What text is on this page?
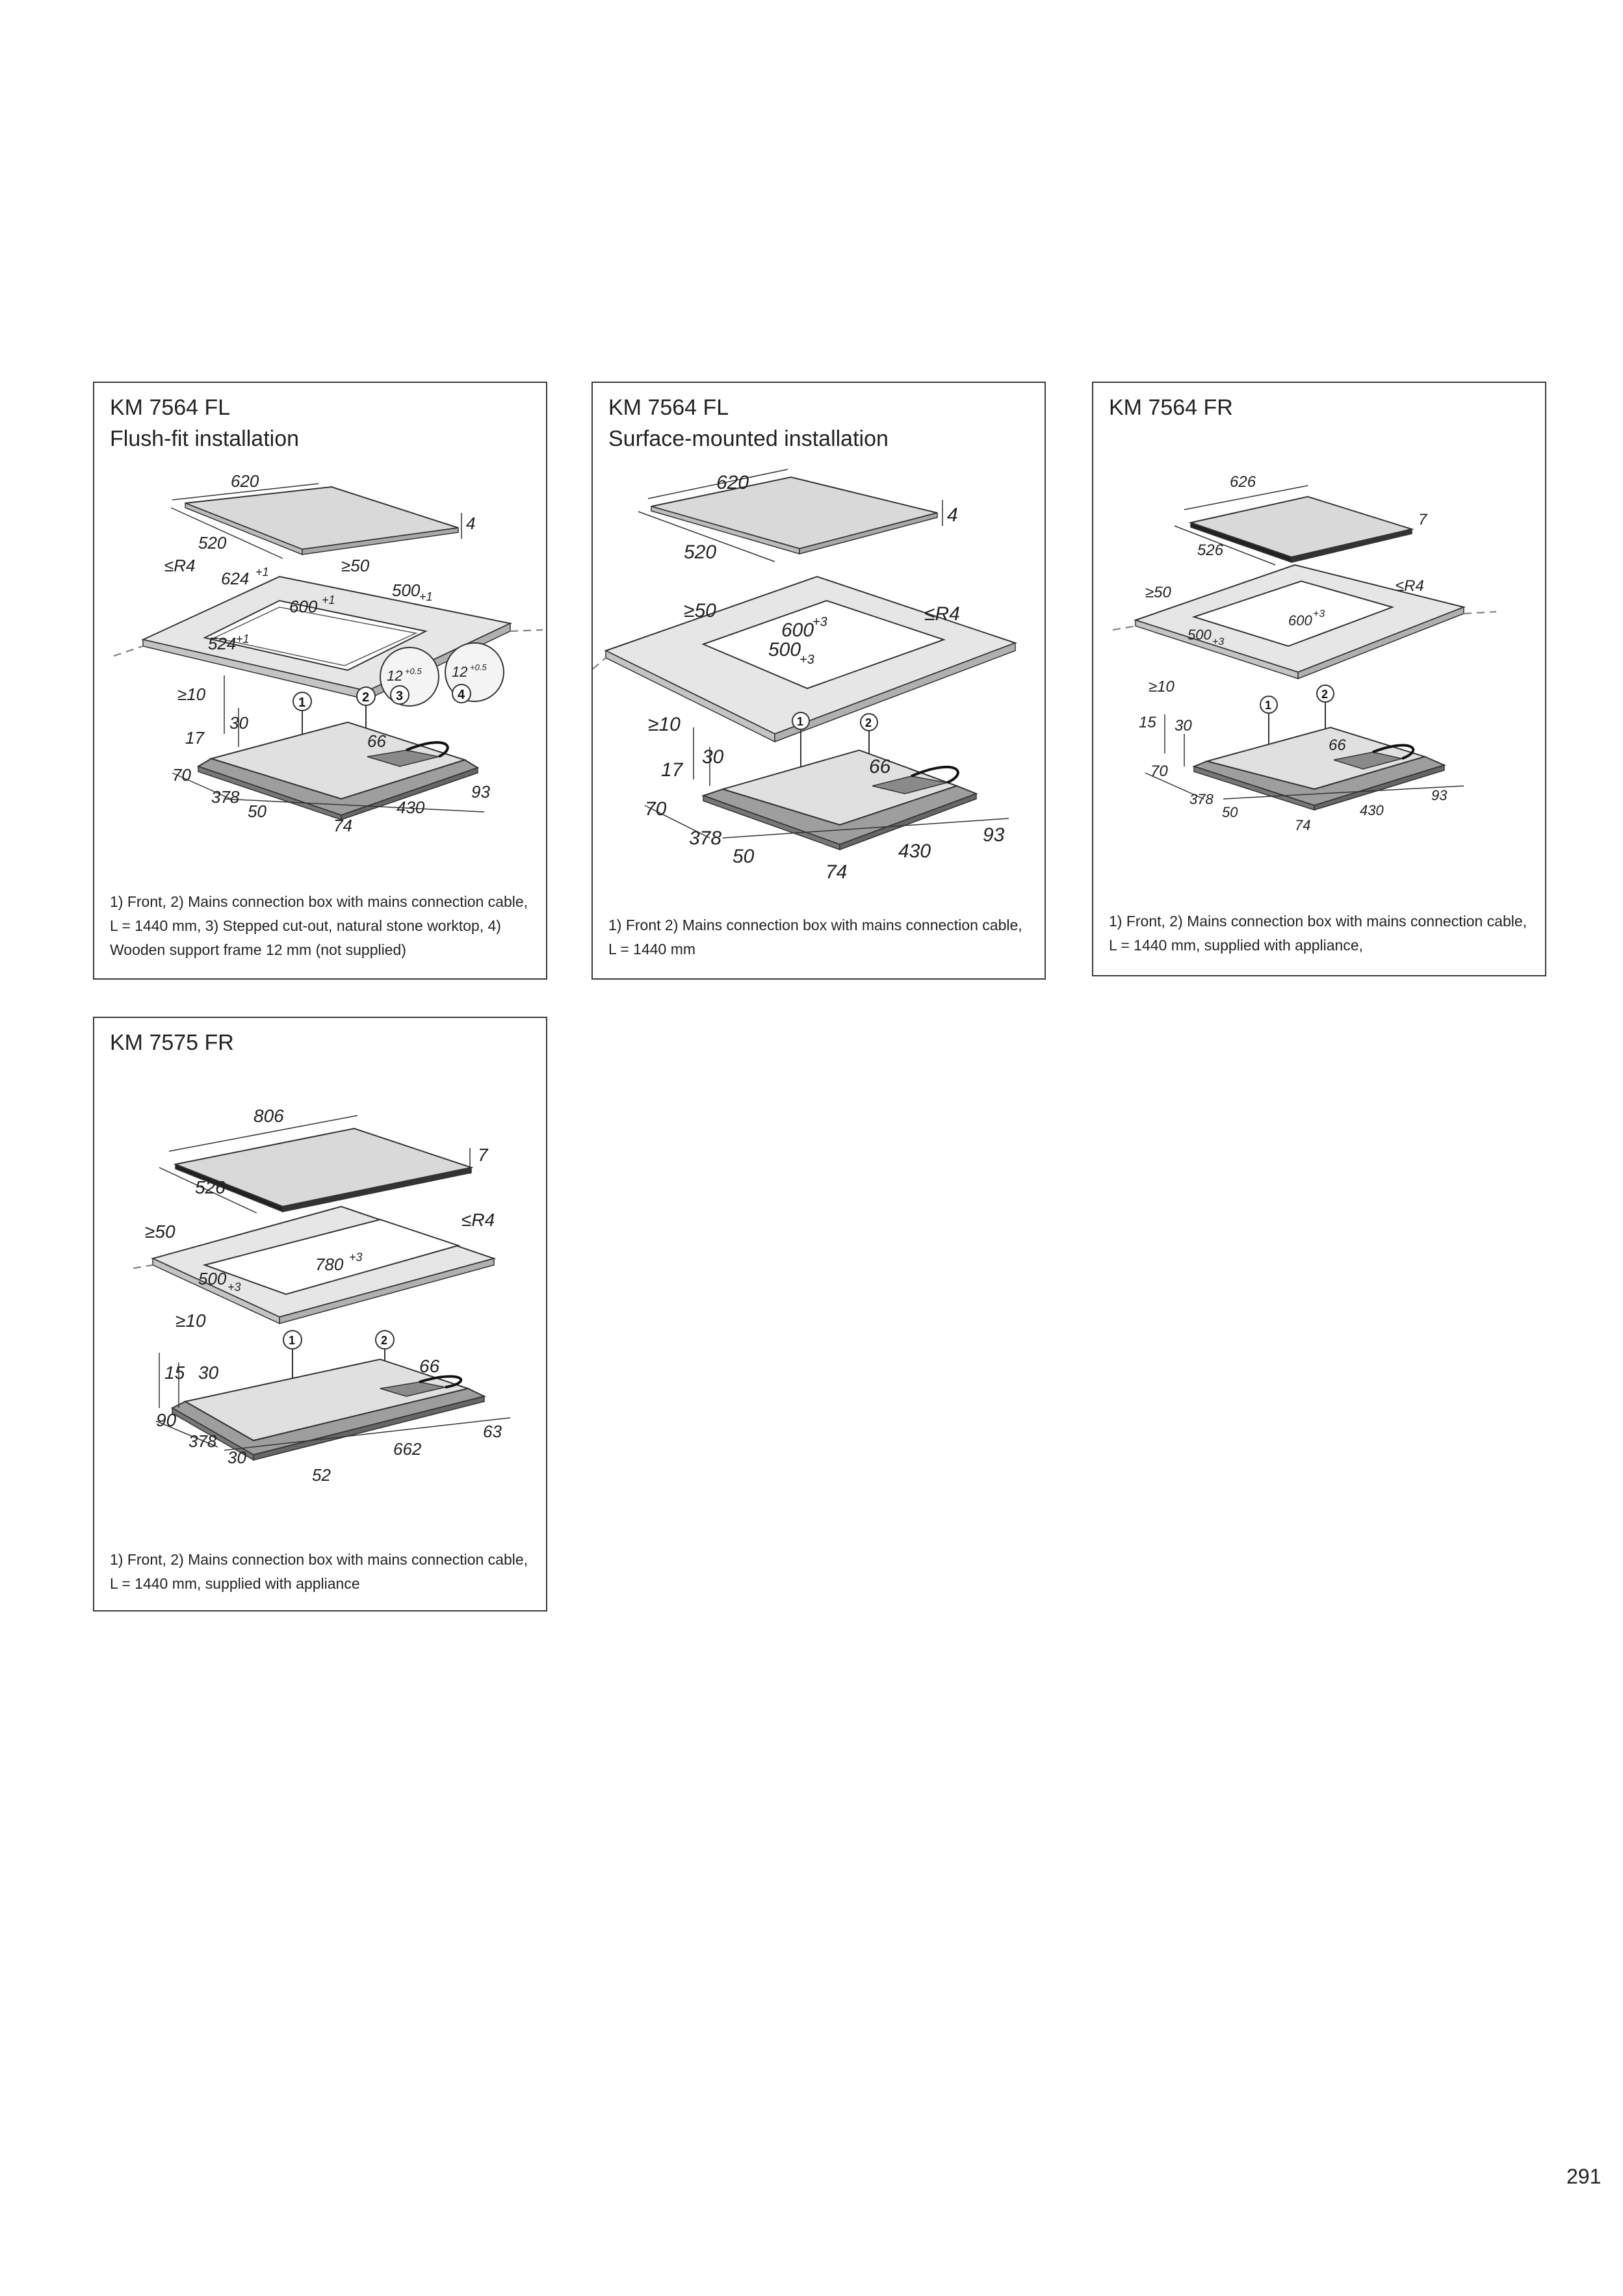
620
520
4
≤R4	≥50
624 +1
600 +1	500
+1
524 +1
12 +0.5 12 +0.5
3	4
1	2
≥10
30
17	66
70
378
50
74
430
93
KM 7564 FL
Flush-fit installation
1) Front, 2) Mains connection box with mains connection cable, L = 1440 mm, 3) Stepped cut-out, natural stone worktop, 4) Wooden support frame 12 mm (not supplied)
620
520
4
≥50	≤R4
600
+3
500
+3
1	2
≥10
30
17	66
70
378
50
74
430
93
KM 7564 FL
Surface-mounted installation
1) Front 2) Mains connection box with mains connection cable, L = 1440 mm
626
526
7
≥50	≤R4
600 +3
500 +3
1
2
≥10
30
15
66
70
378
50
74
430
93
KM 7564 FR
1) Front, 2) Mains connection box with mains connection cable, L = 1440 mm, supplied with appliance,
806
526
7
≥50
≤R4
780 +3
500 +3
1	2
≥10
30
15	66
90
378
30
52
662
63
KM 7575 FR
1) Front, 2) Mains connection box with mains connection cable, L = 1440 mm, supplied with appliance
291
